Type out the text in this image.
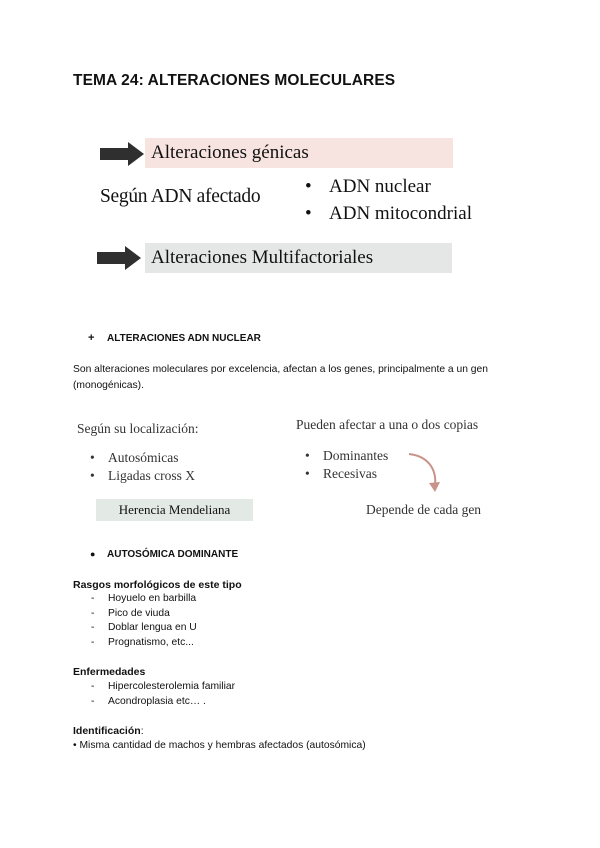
TEMA 24: ALTERACIONES MOLECULARES
Alteraciones génicas
Según ADN afectado • ADN nuclear
• ADN mitocondrial
Alteraciones Multifactoriales
+ ALTERACIONES ADN NUCLEAR
Son alteraciones moleculares por excelencia, afectan a los genes, principalmente a un gen (monogénicas).
Según su localización:
• Autosómicas
• Ligadas cross X
Herencia Mendeliana
Pueden afectar a una o dos copias
• Dominantes
• Recesivas
Depende de cada gen
● AUTOSÓMICA DOMINANTE
Rasgos morfológicos de este tipo
- Hoyuelo en barbilla
- Pico de viuda
- Doblar lengua en U
- Prognatismo, etc...
Enfermedades
- Hipercolesterolemia familiar
- Acondroplasia etc… .
Identificación:
• Misma cantidad de machos y hembras afectados (autosómica)
